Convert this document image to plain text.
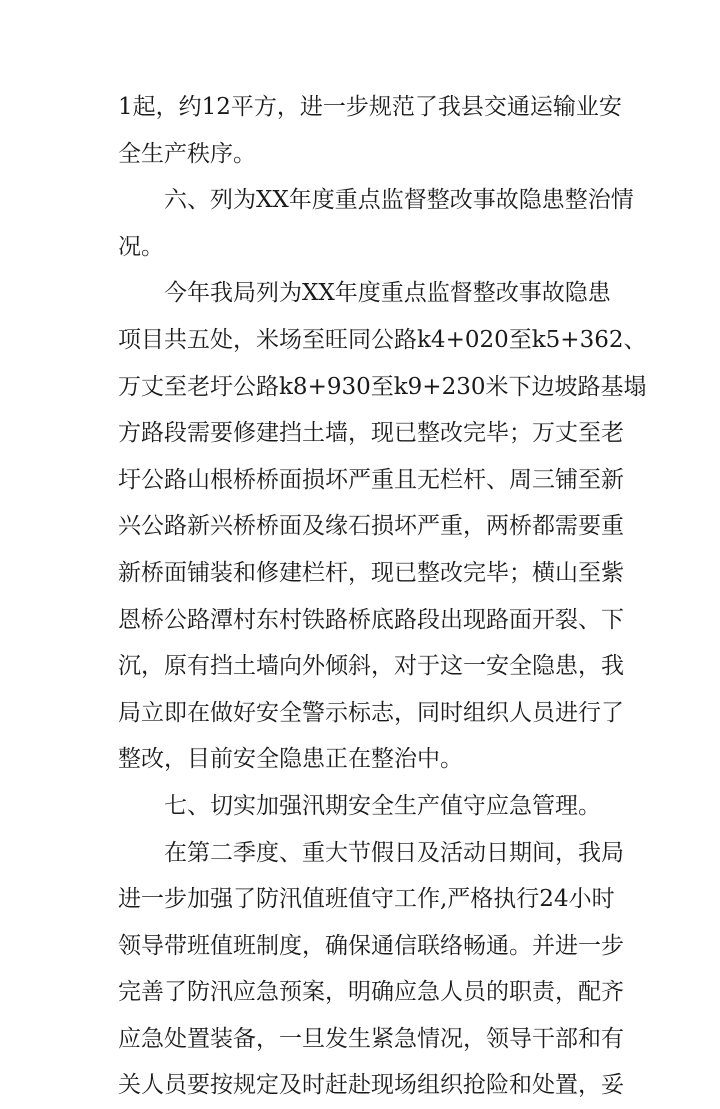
1起，约12平方，进一步规范了我县交通运输业安
全生产秩序。
六、列为XX年度重点监督整改事故隐患整治情
况。
今年我局列为XX年度重点监督整改事故隐患
项目共五处，米场至旺同公路k4+020至k5+362、
万丈至老圩公路k8+930至k9+230米下边坡路基塌
方路段需要修建挡土墙，现已整改完毕；万丈至老
圩公路山根桥桥面损坏严重且无栏杆、周三铺至新
兴公路新兴桥桥面及缘石损坏严重，两桥都需要重
新桥面铺装和修建栏杆，现已整改完毕；横山至紫
恩桥公路潭村东村铁路桥底路段出现路面开裂、下
沉，原有挡土墙向外倾斜，对于这一安全隐患，我
局立即在做好安全警示标志，同时组织人员进行了
整改，目前安全隐患正在整治中。
七、切实加强汛期安全生产值守应急管理。
在第二季度、重大节假日及活动日期间，我局
进一步加强了防汛值班值守工作,严格执行24小时
领导带班值班制度，确保通信联络畅通。并进一步
完善了防汛应急预案，明确应急人员的职责，配齐
应急处置装备，一旦发生紧急情况，领导干部和有
关人员要按规定及时赶赴现场组织抢险和处置，妥
